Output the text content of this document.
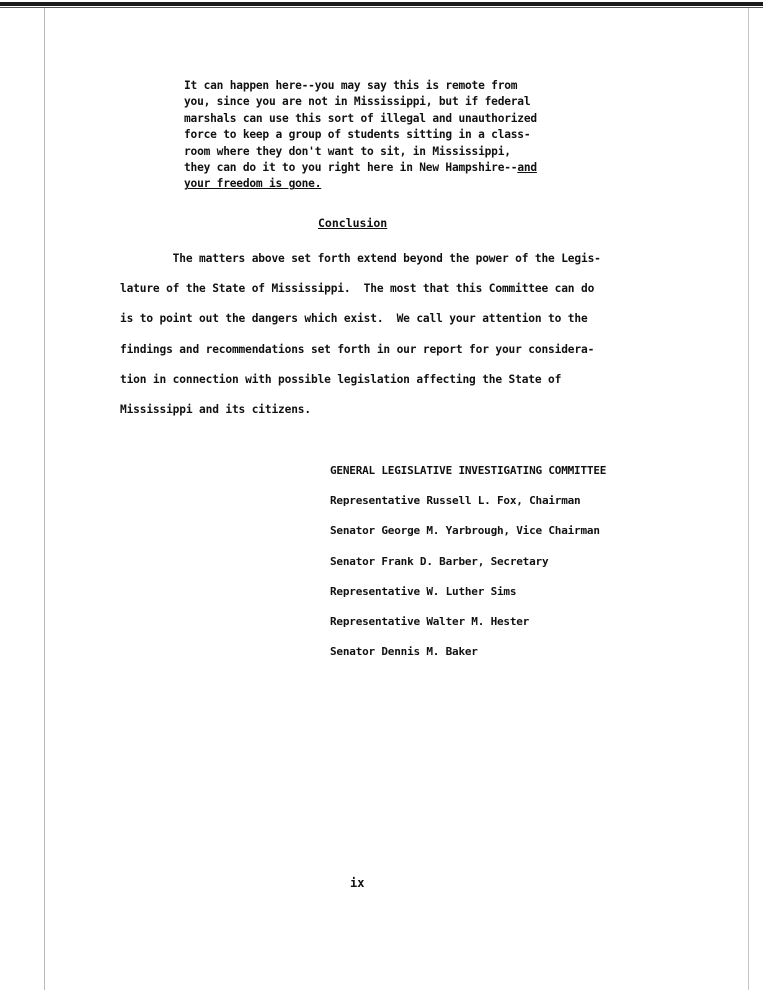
It can happen here--you may say this is remote from
you, since you are not in Mississippi, but if federal
marshals can use this sort of illegal and unauthorized
force to keep a group of students sitting in a class-
room where they don't want to sit, in Mississippi,
they can do it to you right here in New Hampshire--and
your freedom is gone.
Conclusion
The matters above set forth extend beyond the power of the Legis-
lature of the State of Mississippi.  The most that this Committee can do
is to point out the dangers which exist.  We call your attention to the
findings and recommendations set forth in our report for your considera-
tion in connection with possible legislation affecting the State of
Mississippi and its citizens.
GENERAL LEGISLATIVE INVESTIGATING COMMITTEE
Representative Russell L. Fox, Chairman
Senator George M. Yarbrough, Vice Chairman
Senator Frank D. Barber, Secretary
Representative W. Luther Sims
Representative Walter M. Hester
Senator Dennis M. Baker
ix
